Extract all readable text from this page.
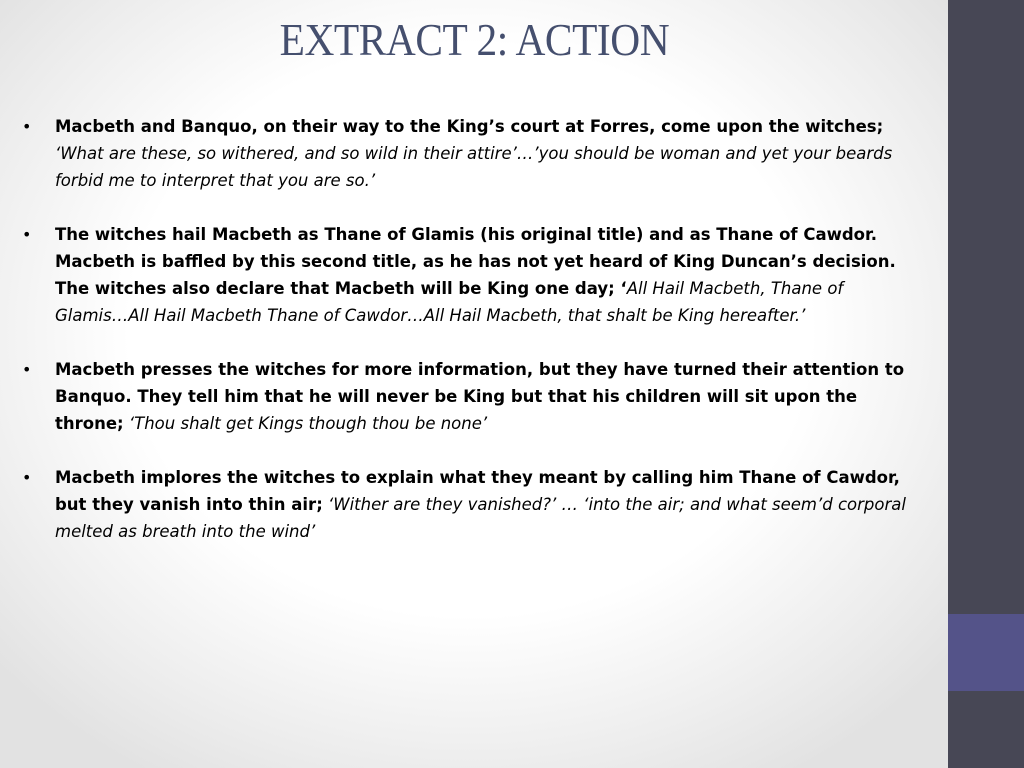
EXTRACT 2: ACTION
• Macbeth and Banquo, on their way to the King’s court at Forres, come upon the witches; ‘What are these, so withered, and so wild in their attire’…’you should be woman and yet your beards forbid me to interpret that you are so.’
• The witches hail Macbeth as Thane of Glamis (his original title) and as Thane of Cawdor. Macbeth is baffled by this second title, as he has not yet heard of King Duncan’s decision. The witches also declare that Macbeth will be King one day; ‘All Hail Macbeth, Thane of Glamis…All Hail Macbeth Thane of Cawdor…All Hail Macbeth, that shalt be King hereafter.’
• Macbeth presses the witches for more information, but they have turned their attention to Banquo. They tell him that he will never be King but that his children will sit upon the throne; ‘Thou shalt get Kings though thou be none’
• Macbeth implores the witches to explain what they meant by calling him Thane of Cawdor, but they vanish into thin air; ‘Wither are they vanished?’ … ‘into the air; and what seem’d corporal melted as breath into the wind’
